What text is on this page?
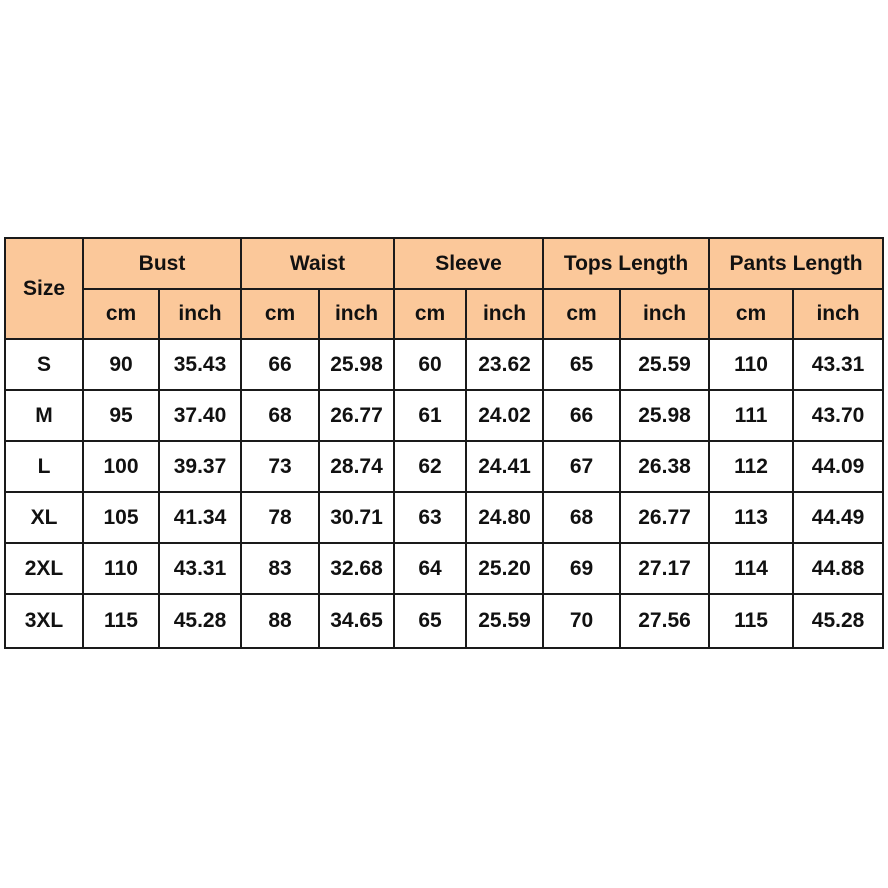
Size	Bust		Waist		Sleeve		Tops Length		Pants Length	
	cm	inch	cm	inch	cm	inch	cm	inch	cm	inch
S	90	35.43	66	25.98	60	23.62	65	25.59	110	43.31
M	95	37.40	68	26.77	61	24.02	66	25.98	111	43.70
L	100	39.37	73	28.74	62	24.41	67	26.38	112	44.09
XL	105	41.34	78	30.71	63	24.80	68	26.77	113	44.49
2XL	110	43.31	83	32.68	64	25.20	69	27.17	114	44.88
3XL	115	45.28	88	34.65	65	25.59	70	27.56	115	45.28
